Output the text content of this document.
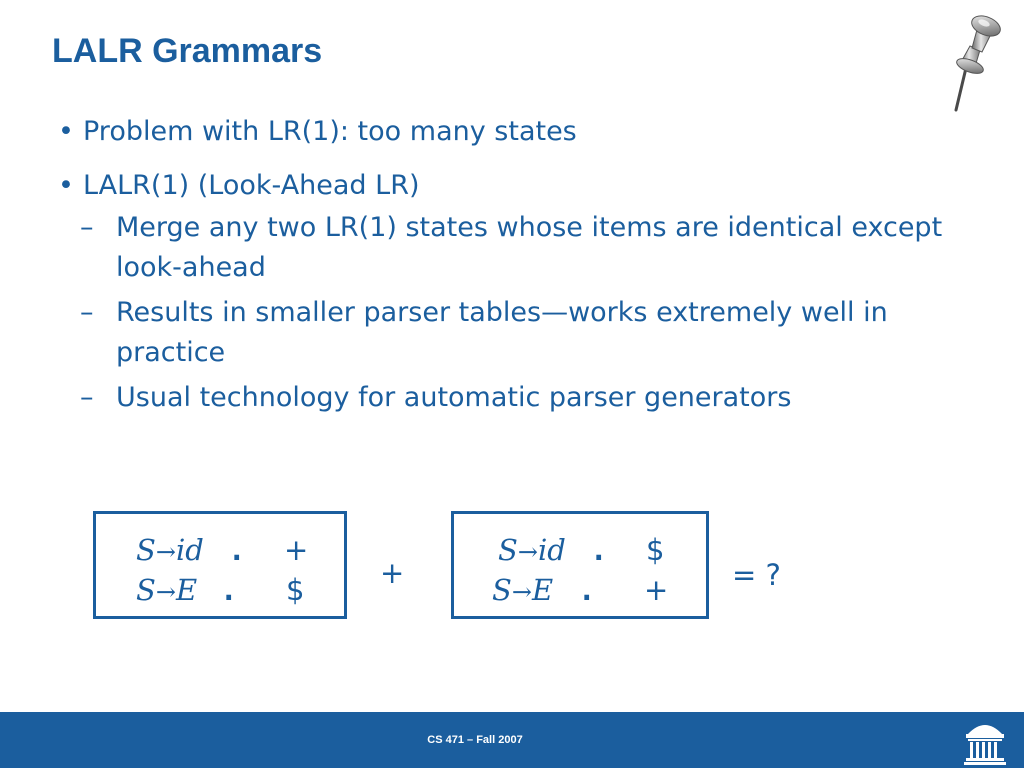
LALR Grammars
• Problem with LR(1): too many states
• LALR(1) (Look-Ahead LR)
– Merge any two LR(1) states whose items are identical except look-ahead
– Results in smaller parser tables—works extremely well in practice
– Usual technology for automatic parser generators
S→id . +
S→E . $	+
S→id . $
S→E . + = ?
CS 471 – Fall 2007
